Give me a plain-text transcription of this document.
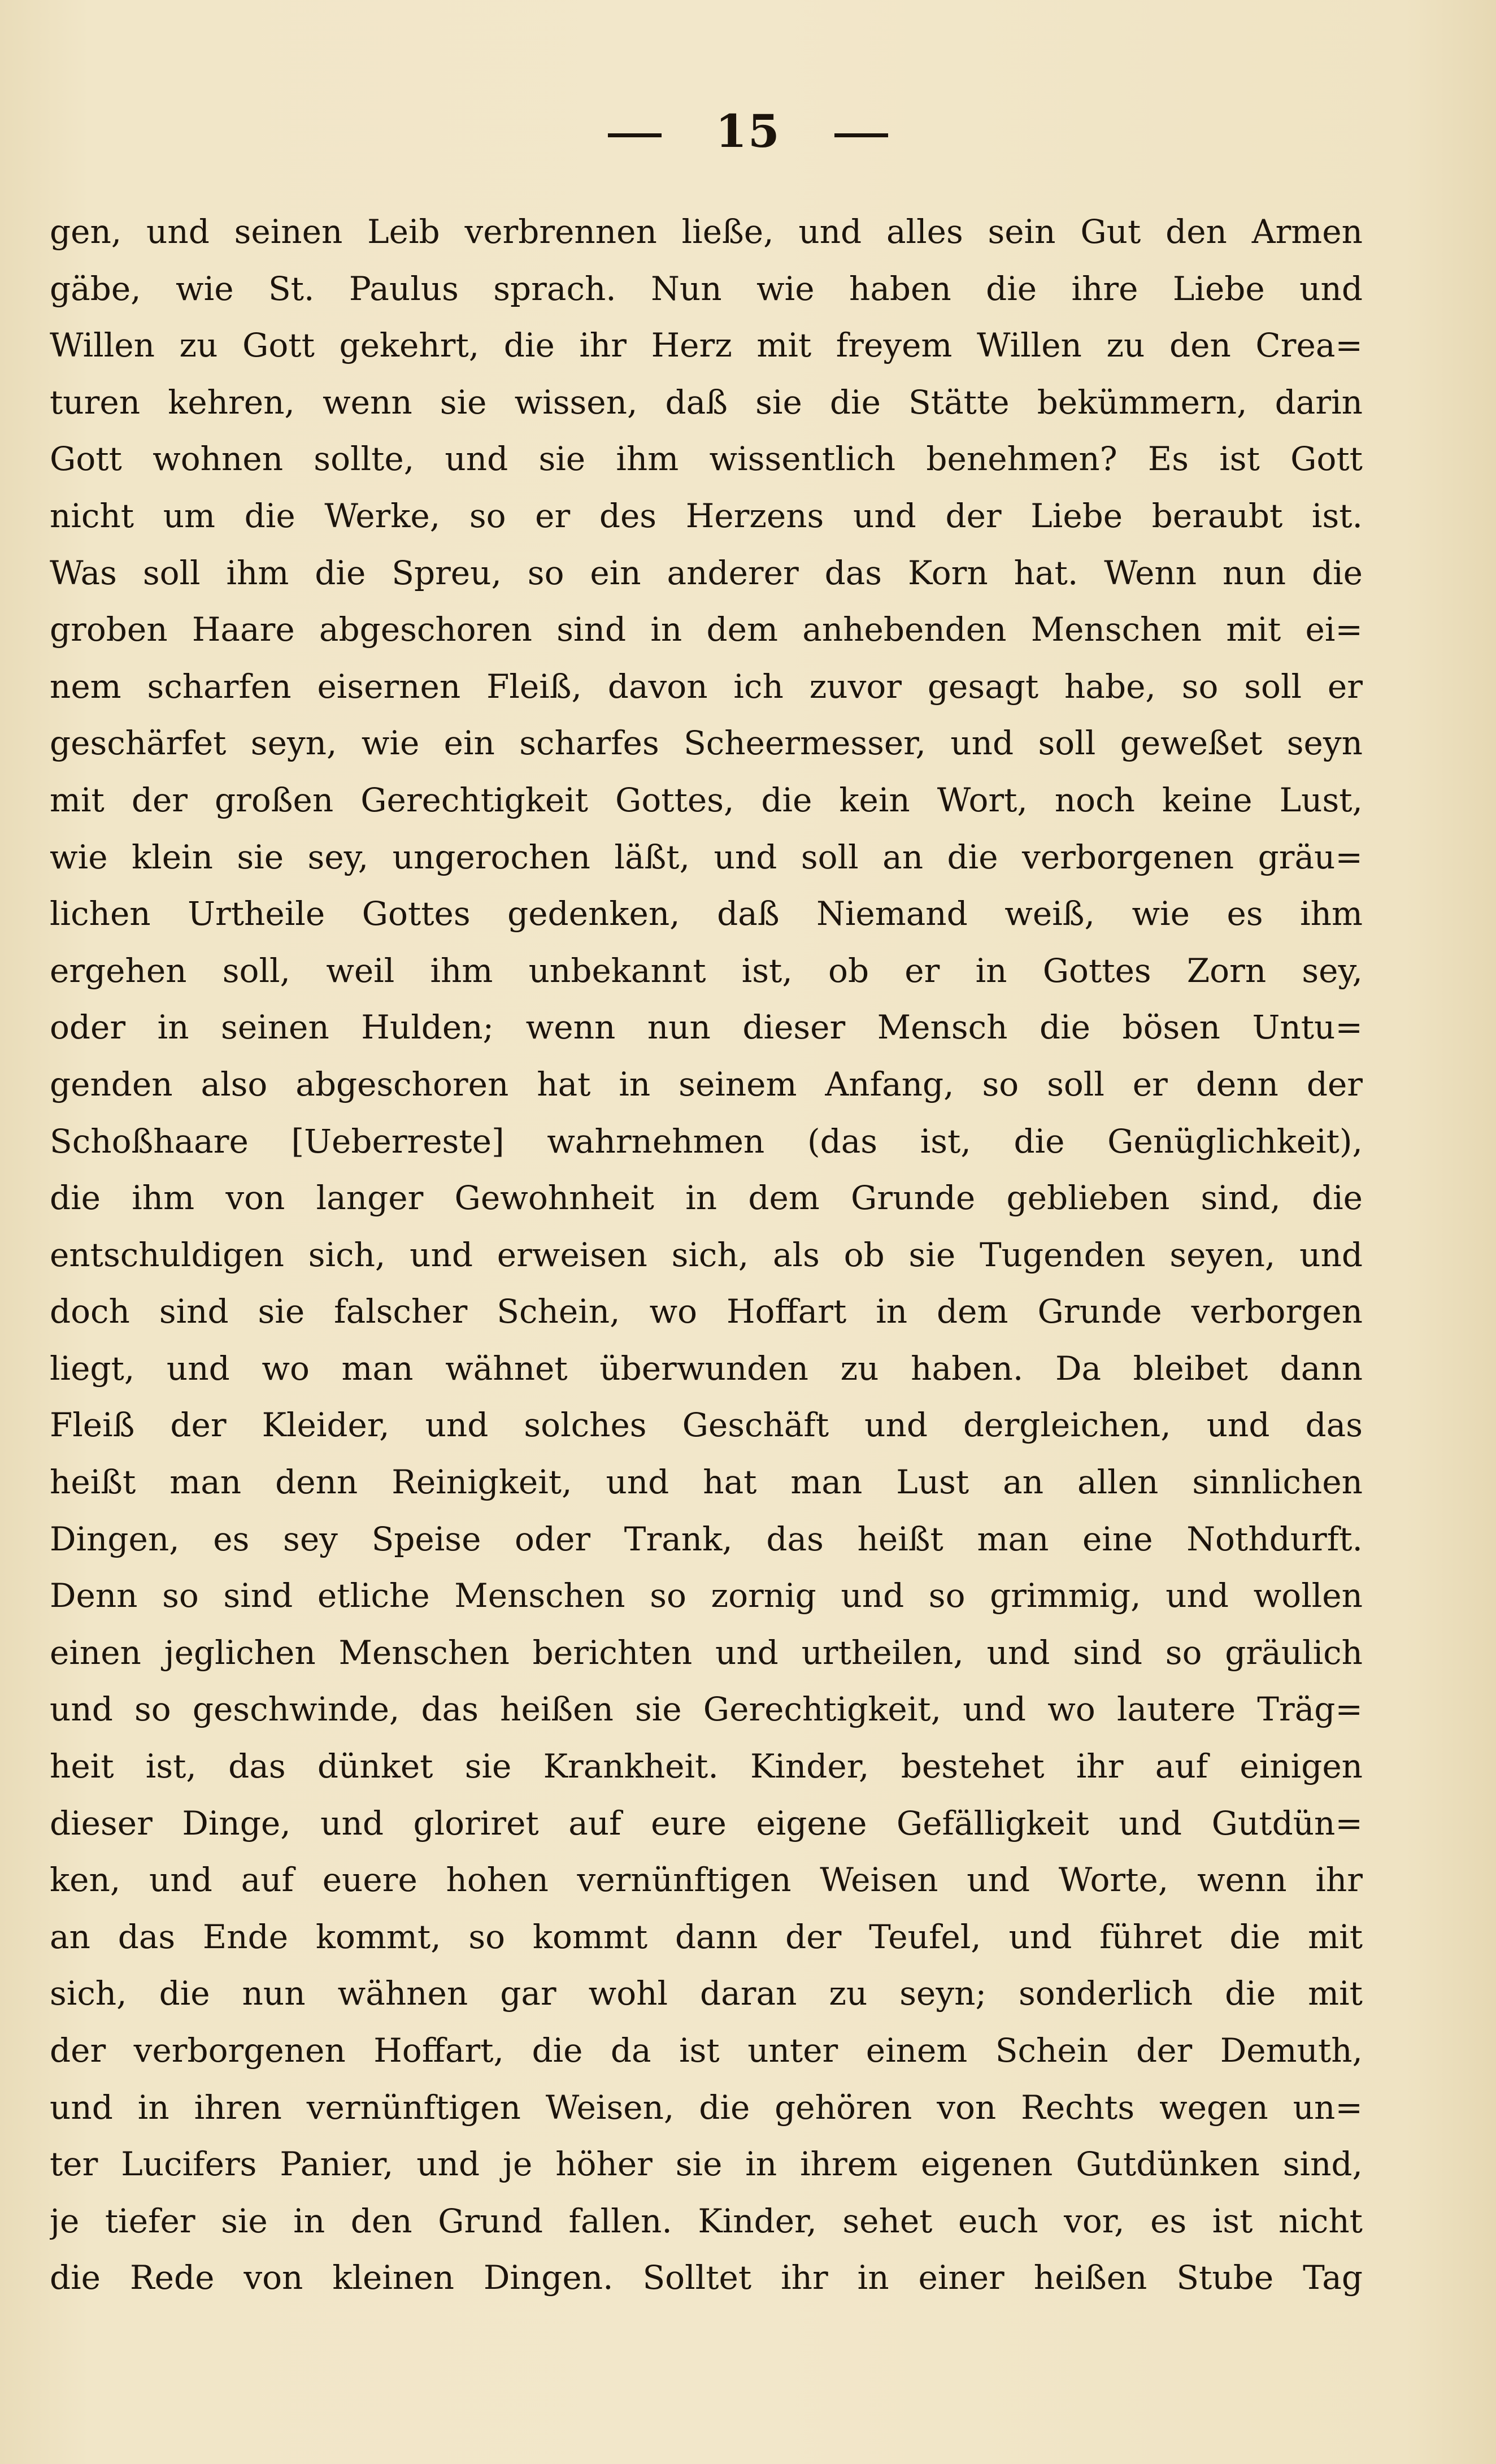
15
gen, und seinen Leib verbrennen ließe, und alles sein Gut den Armen
gäbe, wie St. Paulus sprach. Nun wie haben die ihre Liebe und
Willen zu Gott gekehrt, die ihr Herz mit freyem Willen zu den Crea=
turen kehren, wenn sie wissen, daß sie die Stätte bekümmern, darin
Gott wohnen sollte, und sie ihm wissentlich benehmen? Es ist Gott
nicht um die Werke, so er des Herzens und der Liebe beraubt ist.
Was soll ihm die Spreu, so ein anderer das Korn hat. Wenn nun die
groben Haare abgeschoren sind in dem anhebenden Menschen mit ei=
nem scharfen eisernen Fleiß, davon ich zuvor gesagt habe, so soll er
geschärfet seyn, wie ein scharfes Scheermesser, und soll geweßet seyn
mit der großen Gerechtigkeit Gottes, die kein Wort, noch keine Lust,
wie klein sie sey, ungerochen läßt, und soll an die verborgenen gräu=
lichen Urtheile Gottes gedenken, daß Niemand weiß, wie es ihm
ergehen soll, weil ihm unbekannt ist, ob er in Gottes Zorn sey,
oder in seinen Hulden; wenn nun dieser Mensch die bösen Untu=
genden also abgeschoren hat in seinem Anfang, so soll er denn der
Schoßhaare [Ueberreste] wahrnehmen (das ist, die Genüglichkeit),
die ihm von langer Gewohnheit in dem Grunde geblieben sind, die
entschuldigen sich, und erweisen sich, als ob sie Tugenden seyen, und
doch sind sie falscher Schein, wo Hoffart in dem Grunde verborgen
liegt, und wo man wähnet überwunden zu haben. Da bleibet dann
Fleiß der Kleider, und solches Geschäft und dergleichen, und das
heißt man denn Reinigkeit, und hat man Lust an allen sinnlichen
Dingen, es sey Speise oder Trank, das heißt man eine Nothdurft.
Denn so sind etliche Menschen so zornig und so grimmig, und wollen
einen jeglichen Menschen berichten und urtheilen, und sind so gräulich
und so geschwinde, das heißen sie Gerechtigkeit, und wo lautere Träg=
heit ist, das dünket sie Krankheit. Kinder, bestehet ihr auf einigen
dieser Dinge, und gloriret auf eure eigene Gefälligkeit und Gutdün=
ken, und auf euere hohen vernünftigen Weisen und Worte, wenn ihr
an das Ende kommt, so kommt dann der Teufel, und führet die mit
sich, die nun wähnen gar wohl daran zu seyn; sonderlich die mit
der verborgenen Hoffart, die da ist unter einem Schein der Demuth,
und in ihren vernünftigen Weisen, die gehören von Rechts wegen un=
ter Lucifers Panier, und je höher sie in ihrem eigenen Gutdünken sind,
je tiefer sie in den Grund fallen. Kinder, sehet euch vor, es ist nicht
die Rede von kleinen Dingen. Solltet ihr in einer heißen Stube Tag
